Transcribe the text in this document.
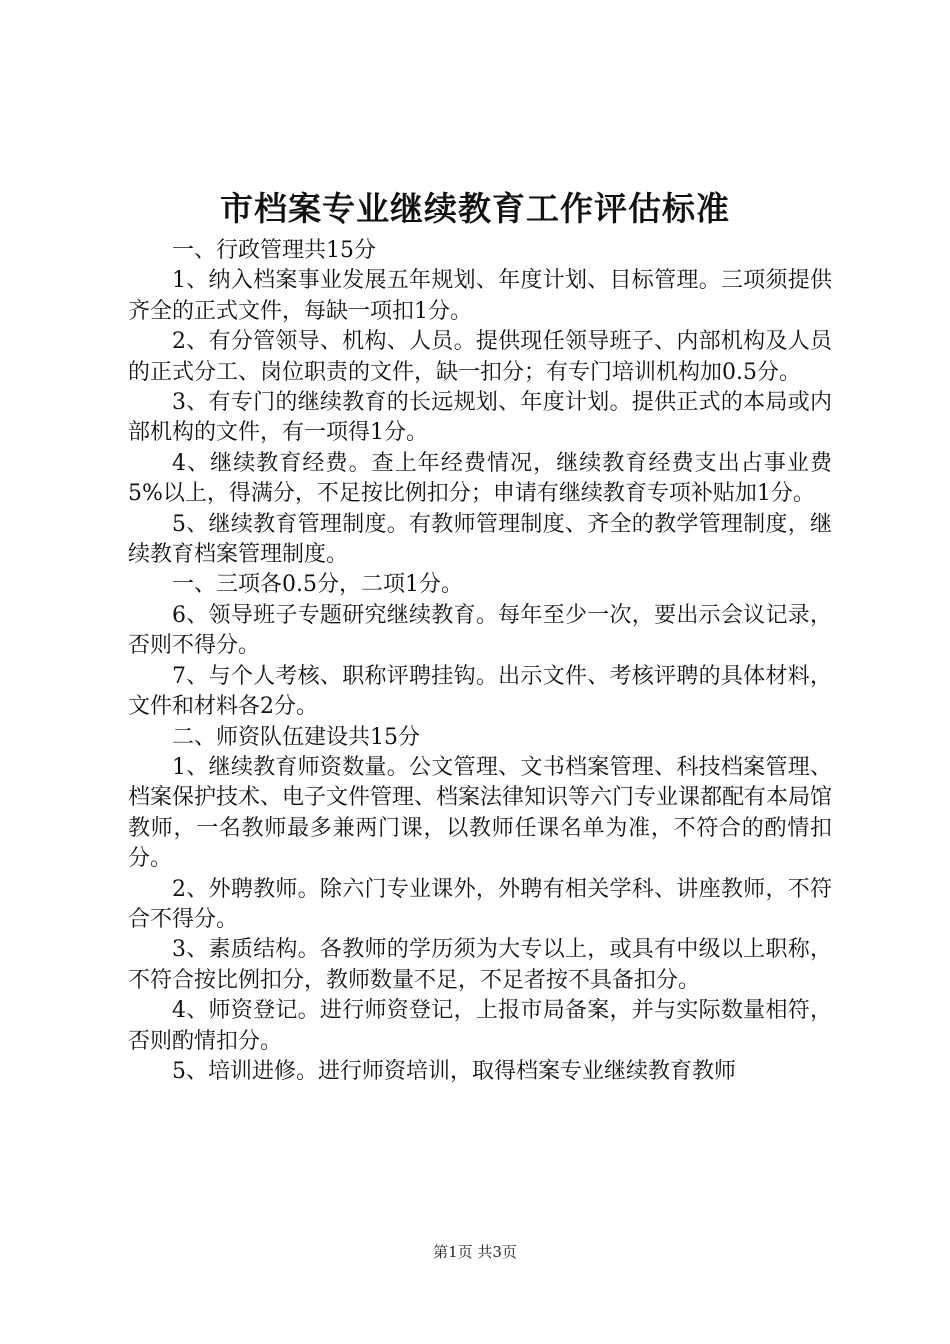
市档案专业继续教育工作评估标准

一、行政管理共15分

1、纳入档案事业发展五年规划、年度计划、目标管理。三项须提供齐全的正式文件，每缺一项扣1分。

2、有分管领导、机构、人员。提供现任领导班子、内部机构及人员的正式分工、岗位职责的文件，缺一扣分；有专门培训机构加0.5分。

3、有专门的继续教育的长远规划、年度计划。提供正式的本局或内部机构的文件，有一项得1分。

4、继续教育经费。查上年经费情况，继续教育经费支出占事业费5%以上，得满分，不足按比例扣分；申请有继续教育专项补贴加1分。

5、继续教育管理制度。有教师管理制度、齐全的教学管理制度，继续教育档案管理制度。

一、三项各0.5分，二项1分。

6、领导班子专题研究继续教育。每年至少一次，要出示会议记录，否则不得分。

7、与个人考核、职称评聘挂钩。出示文件、考核评聘的具体材料，文件和材料各2分。

二、师资队伍建设共15分

1、继续教育师资数量。公文管理、文书档案管理、科技档案管理、档案保护技术、电子文件管理、档案法律知识等六门专业课都配有本局馆教师，一名教师最多兼两门课，以教师任课名单为准，不符合的酌情扣分。

2、外聘教师。除六门专业课外，外聘有相关学科、讲座教师，不符合不得分。

3、素质结构。各教师的学历须为大专以上，或具有中级以上职称，不符合按比例扣分，教师数量不足，不足者按不具备扣分。

4、师资登记。进行师资登记，上报市局备案，并与实际数量相符，否则酌情扣分。

5、培训进修。进行师资培训，取得档案专业继续教育教师

第1页 共3页
